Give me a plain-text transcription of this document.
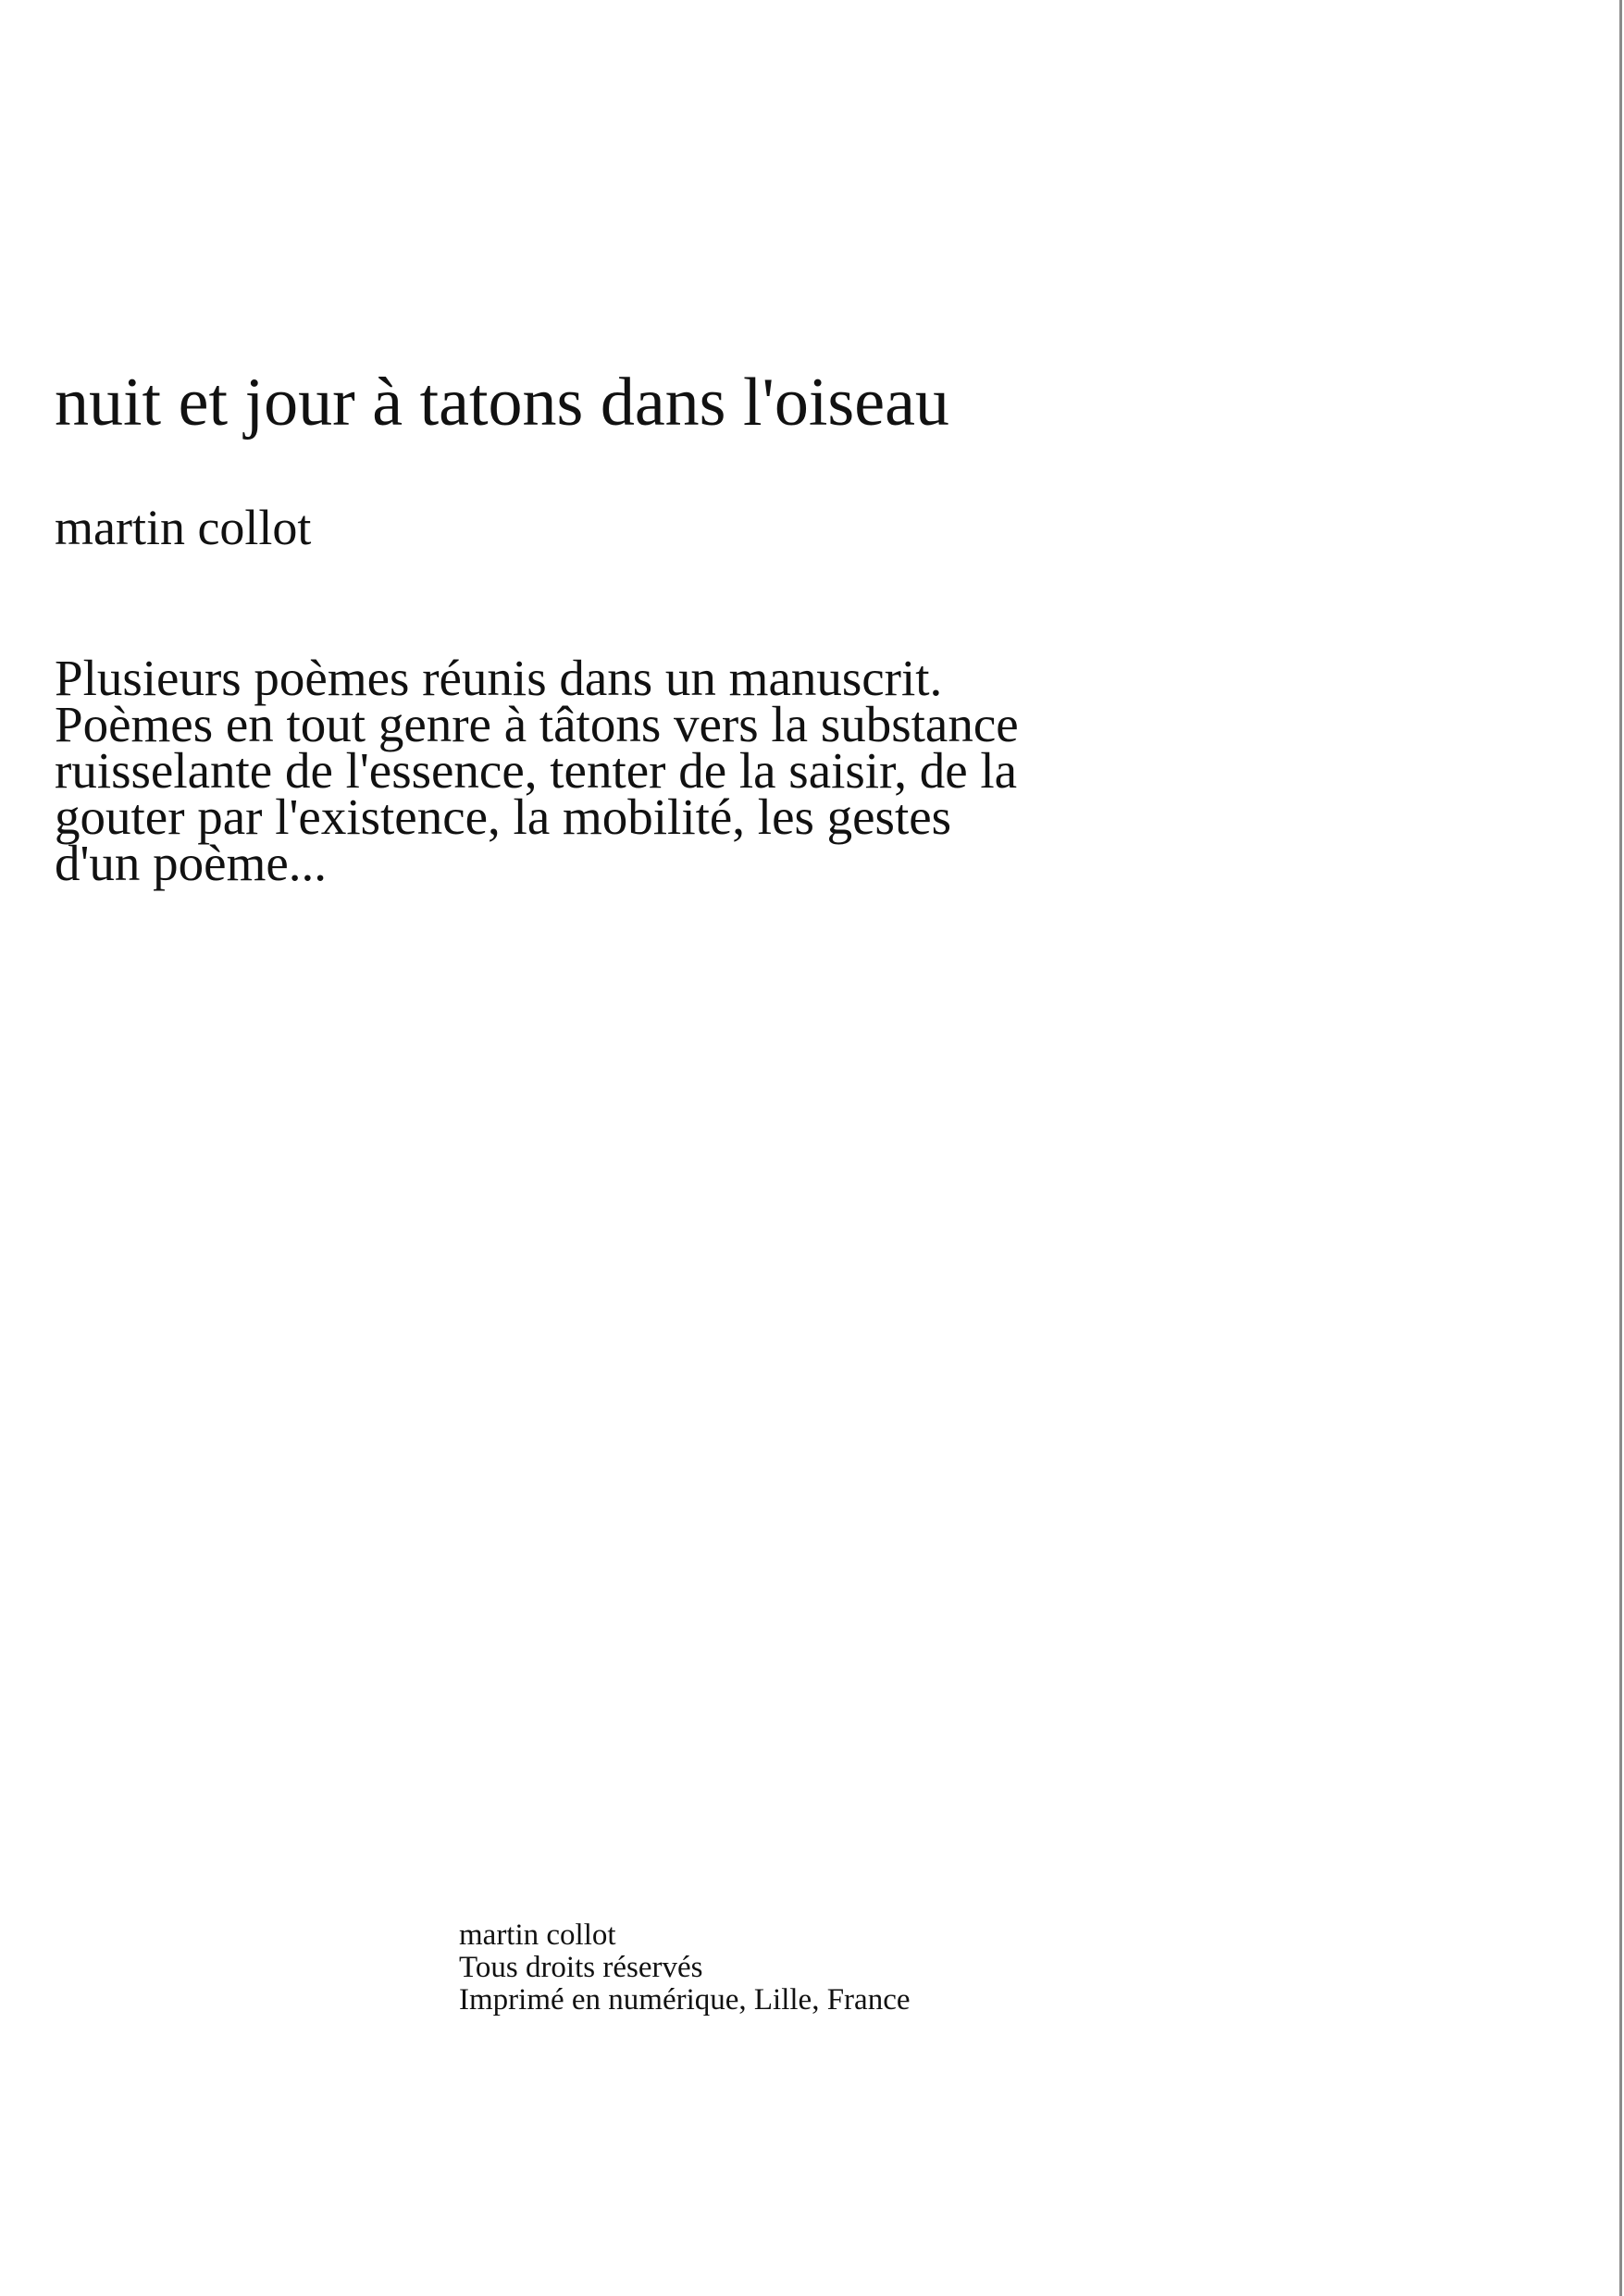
nuit et jour à tatons dans l'oiseau
martin collot

Plusieurs poèmes réunis dans un manuscrit.
Poèmes en tout genre à tâtons vers la substance
ruisselante de l'essence, tenter de la saisir, de la
gouter par l'existence, la mobilité, les gestes
d'un poème...

martin collot
Tous droits réservés
Imprimé en numérique, Lille, France
